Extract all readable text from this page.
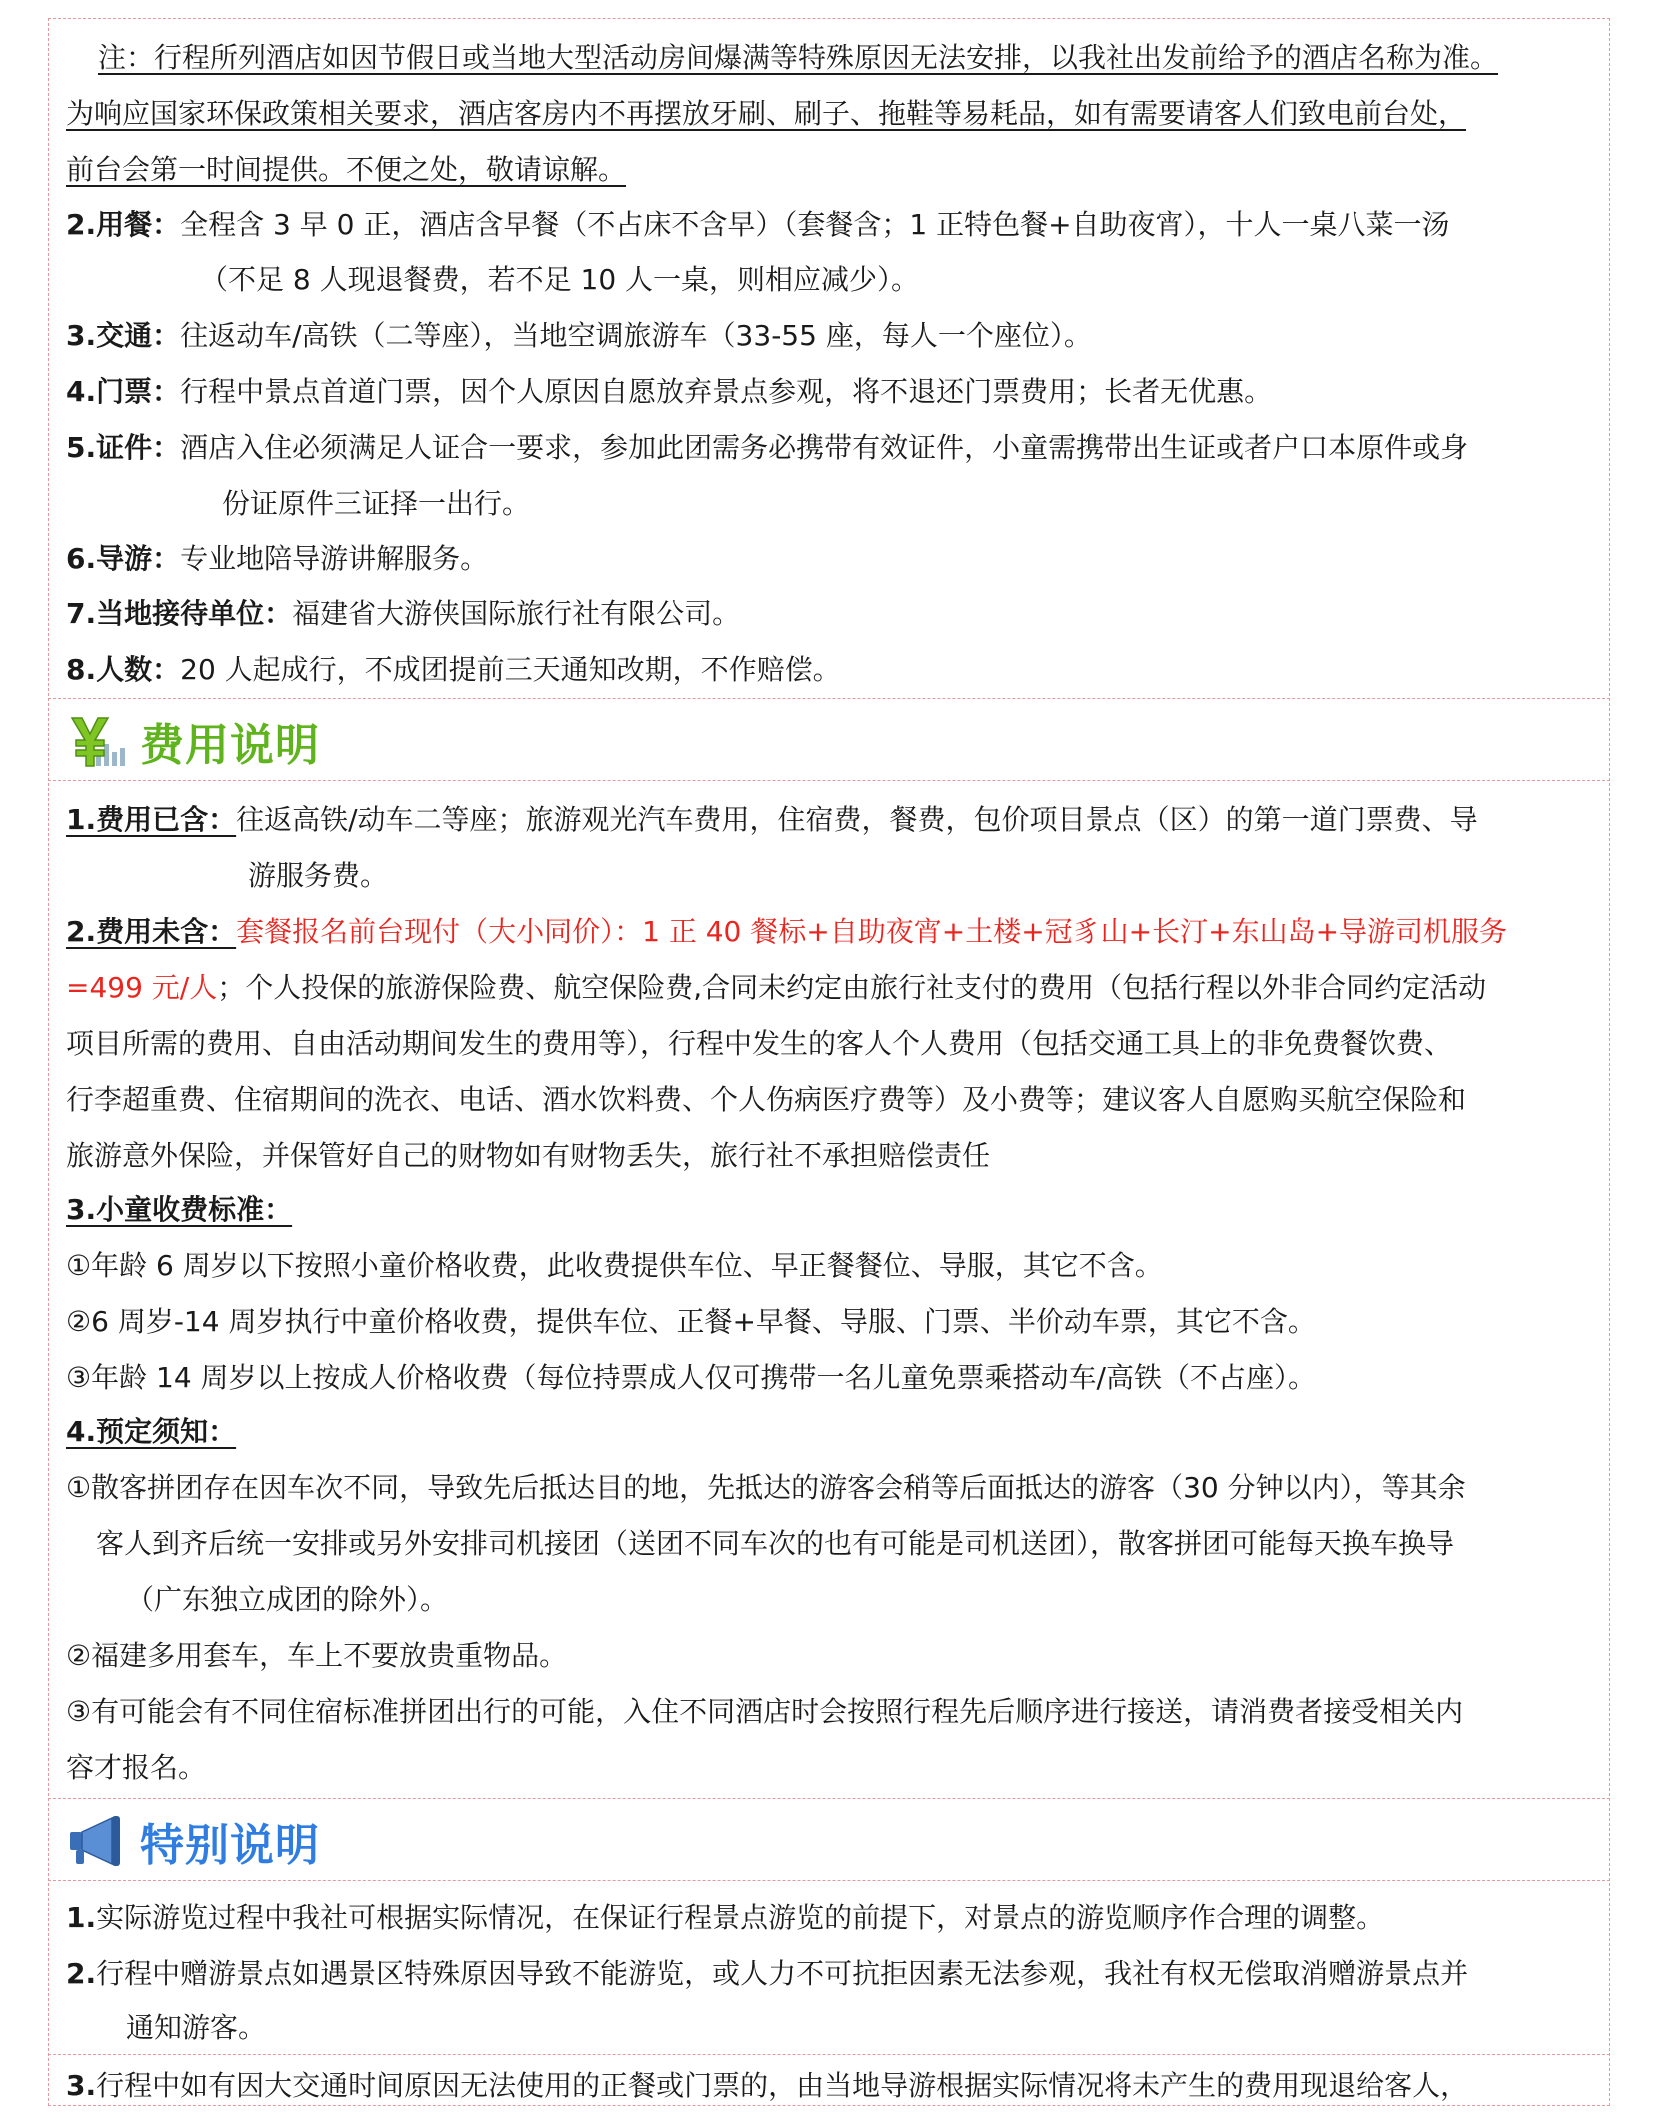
注：行程所列酒店如因节假日或当地大型活动房间爆满等特殊原因无法安排，以我社出发前给予的酒店名称为准。
为响应国家环保政策相关要求，酒店客房内不再摆放牙刷、刷子、拖鞋等易耗品，如有需要请客人们致电前台处，
前台会第一时间提供。不便之处，敬请谅解。
2.用餐：全程含 3 早 0 正，酒店含早餐（不占床不含早）（套餐含；1 正特色餐+自助夜宵），十人一桌八菜一汤
（不足 8 人现退餐费，若不足 10 人一桌，则相应减少）。
3.交通：往返动车/高铁（二等座），当地空调旅游车（33-55 座，每人一个座位）。
4.门票：行程中景点首道门票，因个人原因自愿放弃景点参观，将不退还门票费用；长者无优惠。
5.证件：酒店入住必须满足人证合一要求，参加此团需务必携带有效证件，小童需携带出生证或者户口本原件或身
份证原件三证择一出行。
6.导游：专业地陪导游讲解服务。
7.当地接待单位：福建省大游侠国际旅行社有限公司。
8.人数：20 人起成行，不成团提前三天通知改期，不作赔偿。
费用说明
1.费用已含：往返高铁/动车二等座；旅游观光汽车费用，住宿费，餐费，包价项目景点（区）的第一道门票费、导
游服务费。
2.费用未含：套餐报名前台现付（大小同价）：1 正 40 餐标+自助夜宵+土楼+冠豸山+长汀+东山岛+导游司机服务
=499 元/人；个人投保的旅游保险费、航空保险费,合同未约定由旅行社支付的费用（包括行程以外非合同约定活动
项目所需的费用、自由活动期间发生的费用等），行程中发生的客人个人费用（包括交通工具上的非免费餐饮费、
行李超重费、住宿期间的洗衣、电话、酒水饮料费、个人伤病医疗费等）及小费等；建议客人自愿购买航空保险和
旅游意外保险，并保管好自己的财物如有财物丢失，旅行社不承担赔偿责任
3.小童收费标准：
①年龄 6 周岁以下按照小童价格收费，此收费提供车位、早正餐餐位、导服，其它不含。
②6 周岁-14 周岁执行中童价格收费，提供车位、正餐+早餐、导服、门票、半价动车票，其它不含。
③年龄 14 周岁以上按成人价格收费（每位持票成人仅可携带一名儿童免票乘搭动车/高铁（不占座）。
4.预定须知：
①散客拼团存在因车次不同，导致先后抵达目的地，先抵达的游客会稍等后面抵达的游客（30 分钟以内），等其余
客人到齐后统一安排或另外安排司机接团（送团不同车次的也有可能是司机送团），散客拼团可能每天换车换导
（广东独立成团的除外）。
②福建多用套车，车上不要放贵重物品。
③有可能会有不同住宿标准拼团出行的可能，入住不同酒店时会按照行程先后顺序进行接送，请消费者接受相关内
容才报名。
特别说明
1.实际游览过程中我社可根据实际情况，在保证行程景点游览的前提下，对景点的游览顺序作合理的调整。
2.行程中赠游景点如遇景区特殊原因导致不能游览，或人力不可抗拒因素无法参观，我社有权无偿取消赠游景点并
通知游客。
3.行程中如有因大交通时间原因无法使用的正餐或门票的，由当地导游根据实际情况将未产生的费用现退给客人，
